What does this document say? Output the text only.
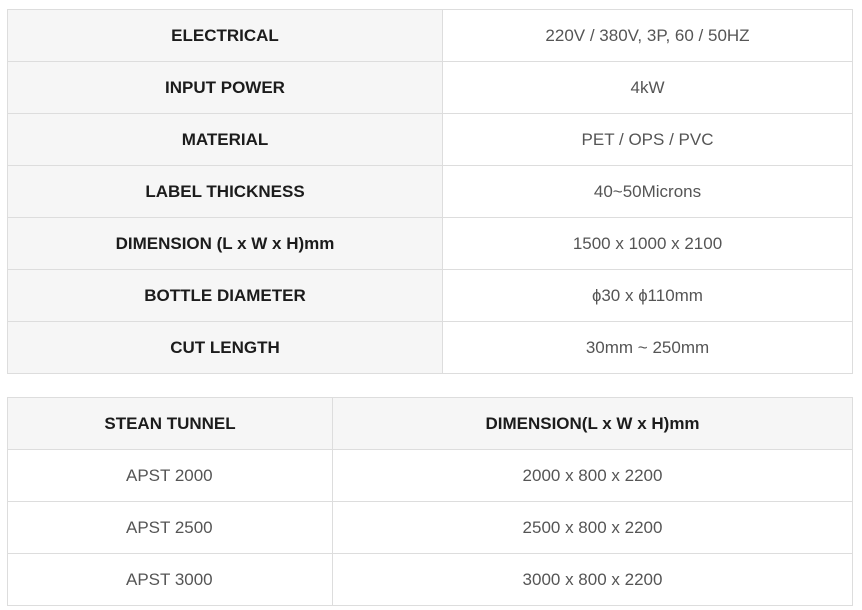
ELECTRICAL	220V / 380V, 3P, 60 / 50HZ
INPUT POWER	4kW
MATERIAL	PET / OPS / PVC
LABEL THICKNESS	40~50Microns
DIMENSION (L x W x H)mm	1500 x 1000 x 2100
BOTTLE DIAMETER	ɸ30 x ɸ110mm
CUT LENGTH	30mm ~ 250mm
STEAN TUNNEL	DIMENSION(L x W x H)mm
APST 2000	2000 x 800 x 2200
APST 2500	2500 x 800 x 2200
APST 3000	3000 x 800 x 2200
